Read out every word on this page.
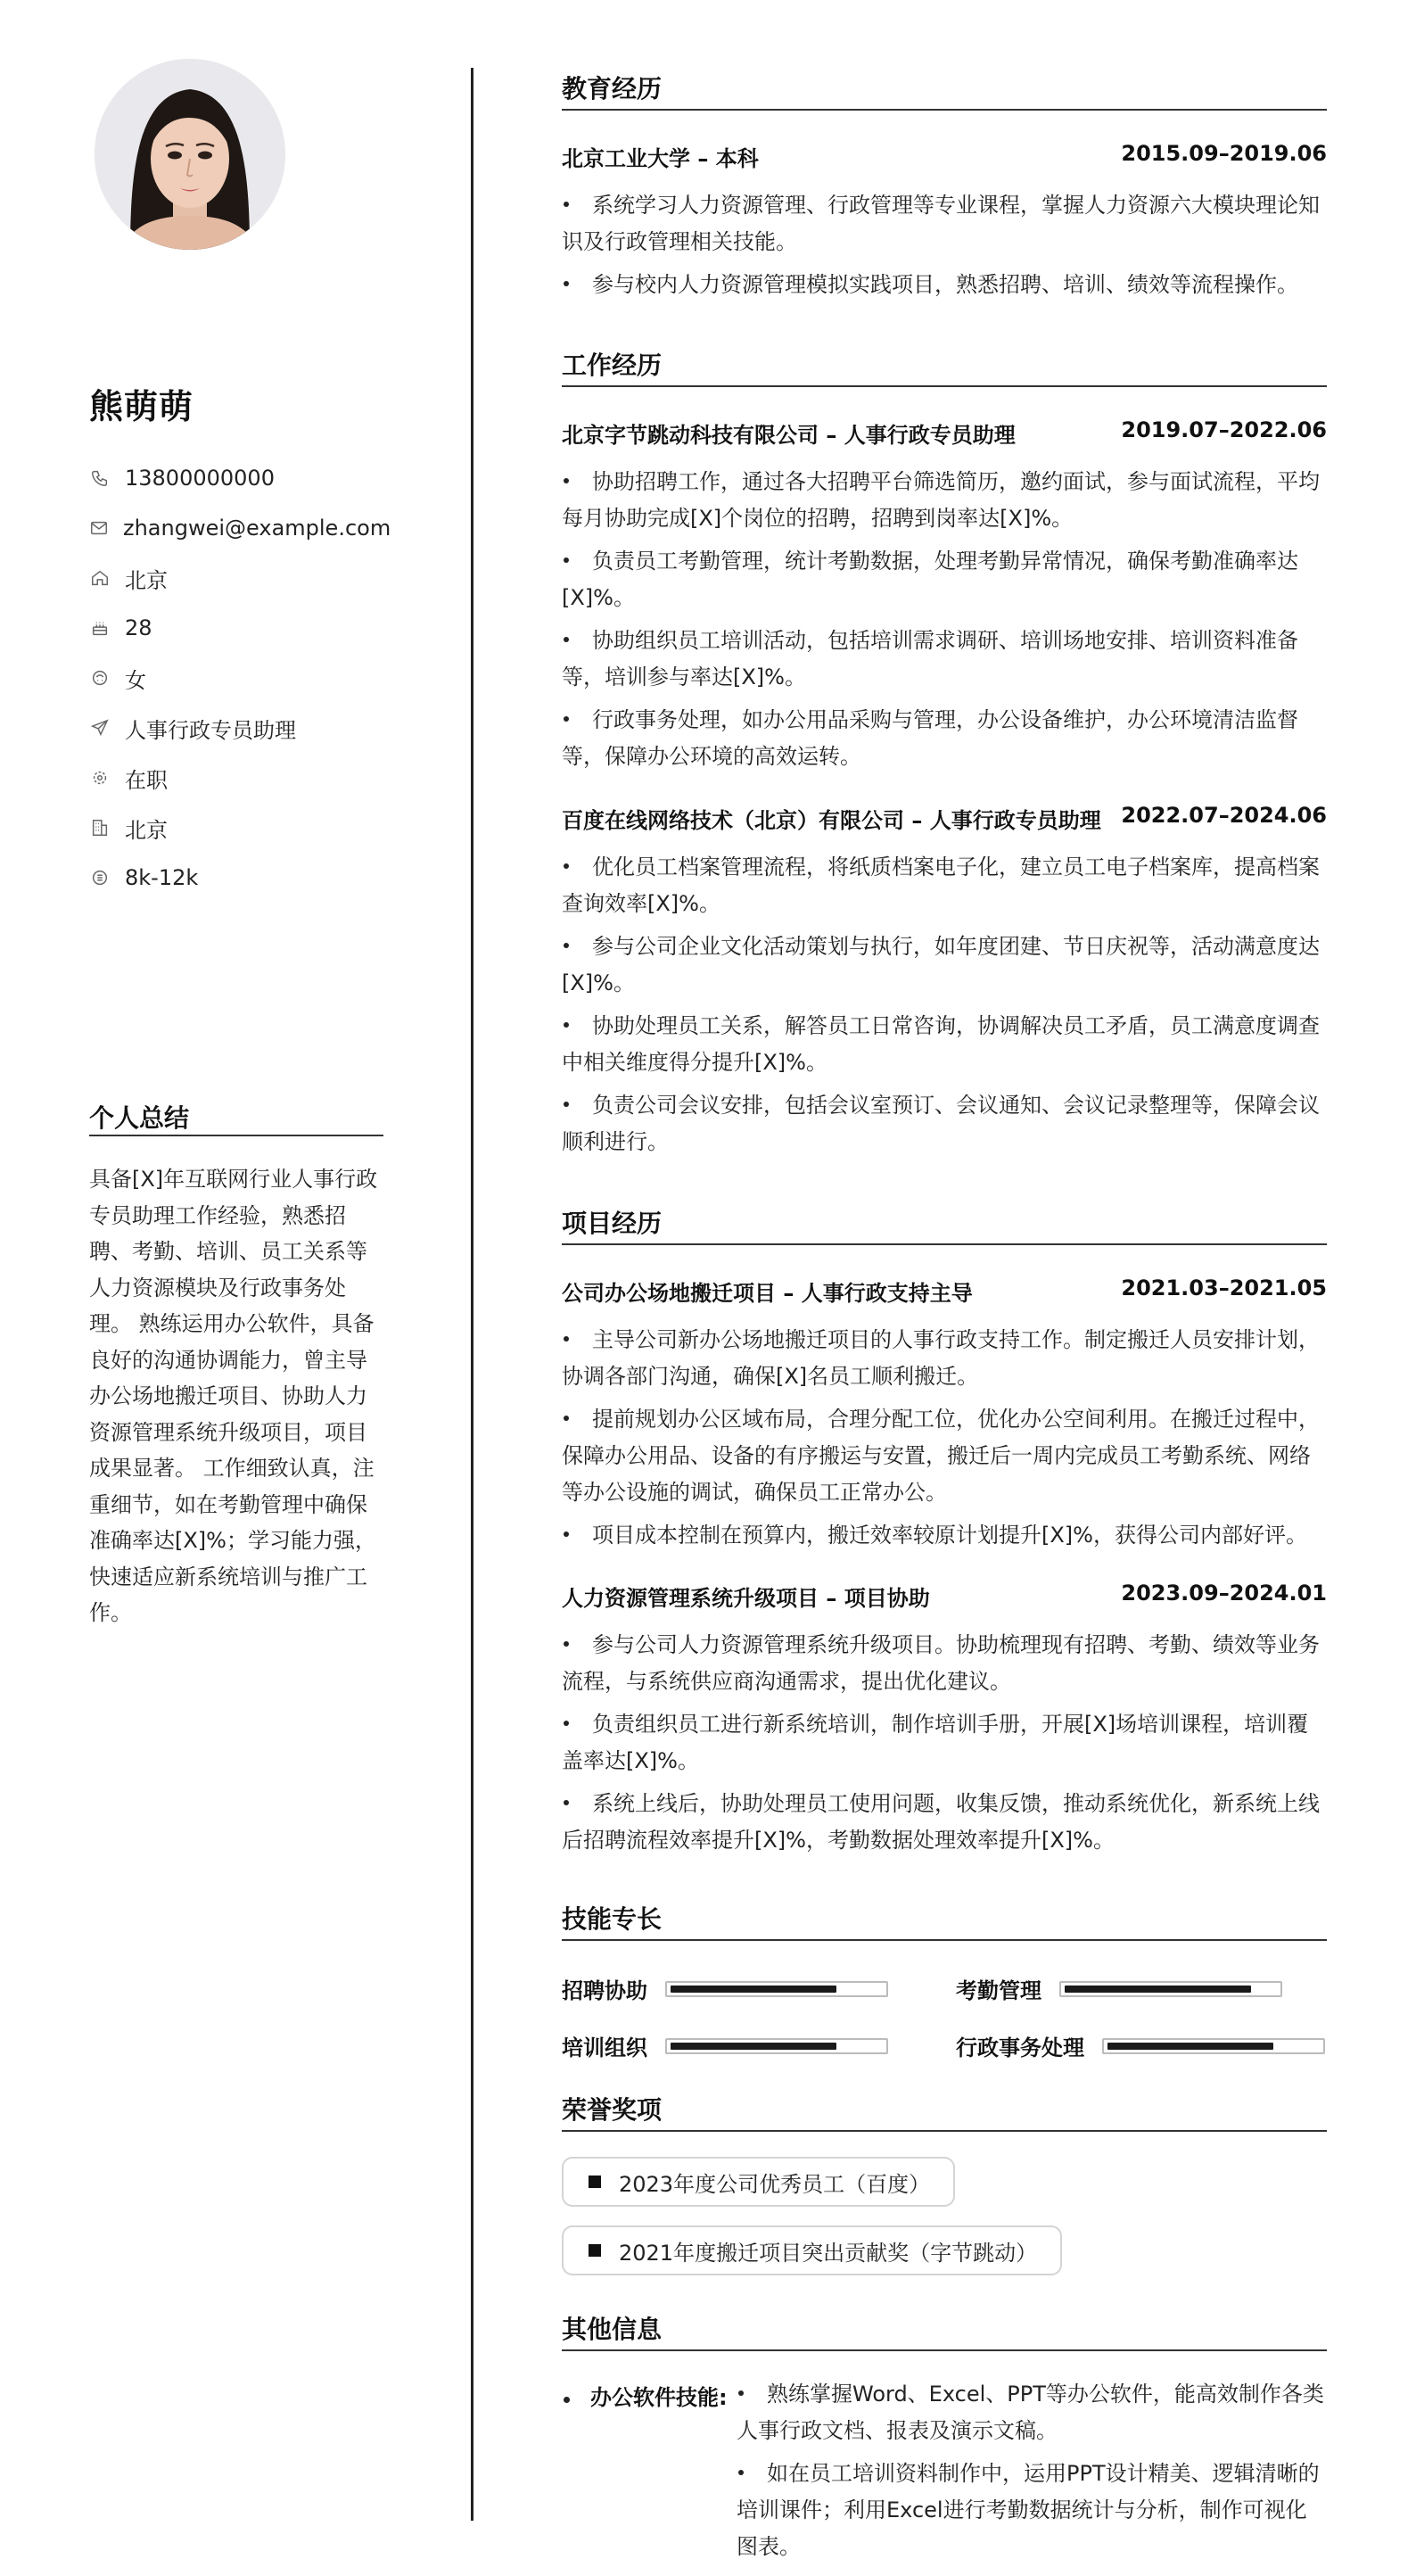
熊萌萌
13800000000
zhangwei@example.com
北京
28
女
人事行政专员助理
在职
北京
8k-12k
个人总结
具备[X]年互联网行业人事行政专员助理工作经验，熟悉招聘、考勤、培训、员工关系等人力资源模块及行政事务处理。 熟练运用办公软件，具备良好的沟通协调能力，曾主导办公场地搬迁项目、协助人力资源管理系统升级项目，项目成果显著。 工作细致认真，注重细节，如在考勤管理中确保准确率达[X]%；学习能力强，快速适应新系统培训与推广工作。
教育经历
北京工业大学 – 本科	2015.09–2019.06
系统学习人力资源管理、行政管理等专业课程，掌握人力资源六大模块理论知识及行政管理相关技能。
参与校内人力资源管理模拟实践项目，熟悉招聘、培训、绩效等流程操作。
工作经历
北京字节跳动科技有限公司 – 人事行政专员助理	2019.07–2022.06
协助招聘工作，通过各大招聘平台筛选简历，邀约面试，参与面试流程，平均每月协助完成[X]个岗位的招聘，招聘到岗率达[X]%。
负责员工考勤管理，统计考勤数据，处理考勤异常情况，确保考勤准确率达[X]%。
协助组织员工培训活动，包括培训需求调研、培训场地安排、培训资料准备等，培训参与率达[X]%。
行政事务处理，如办公用品采购与管理，办公设备维护，办公环境清洁监督等，保障办公环境的高效运转。
百度在线网络技术（北京）有限公司 – 人事行政专员助理 2022.07–2024.06
优化员工档案管理流程，将纸质档案电子化，建立员工电子档案库，提高档案查询效率[X]%。
参与公司企业文化活动策划与执行，如年度团建、节日庆祝等，活动满意度达[X]%。
协助处理员工关系，解答员工日常咨询，协调解决员工矛盾，员工满意度调查中相关维度得分提升[X]%。
负责公司会议安排，包括会议室预订、会议通知、会议记录整理等，保障会议顺利进行。
项目经历
公司办公场地搬迁项目 – 人事行政支持主导	2021.03–2021.05
主导公司新办公场地搬迁项目的人事行政支持工作。制定搬迁人员安排计划，协调各部门沟通，确保[X]名员工顺利搬迁。
提前规划办公区域布局，合理分配工位，优化办公空间利用。在搬迁过程中，保障办公用品、设备的有序搬运与安置，搬迁后一周内完成员工考勤系统、网络等办公设施的调试，确保员工正常办公。
项目成本控制在预算内，搬迁效率较原计划提升[X]%，获得公司内部好评。
人力资源管理系统升级项目 – 项目协助	2023.09–2024.01
参与公司人力资源管理系统升级项目。协助梳理现有招聘、考勤、绩效等业务流程，与系统供应商沟通需求，提出优化建议。
负责组织员工进行新系统培训，制作培训手册，开展[X]场培训课程，培训覆盖率达[X]%。
系统上线后，协助处理员工使用问题，收集反馈，推动系统优化，新系统上线后招聘流程效率提升[X]%，考勤数据处理效率提升[X]%。
技能专长
招聘协助	考勤管理
培训组织	行政事务处理
荣誉奖项
2023年度公司优秀员工（百度）
2021年度搬迁项目突出贡献奖（字节跳动）
其他信息
办公软件技能:	熟练掌握Word、Excel、PPT等办公软件，能高效制作各类人事行政文档、报表及演示文稿。
如在员工培训资料制作中，运用PPT设计精美、逻辑清晰的培训课件；利用Excel进行考勤数据统计与分析，制作可视化图表。
